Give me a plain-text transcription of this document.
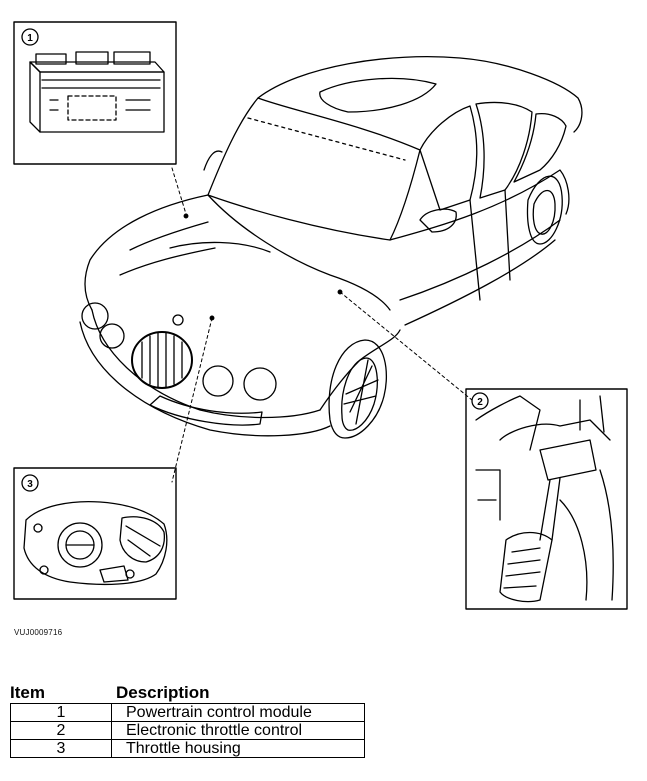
1
2
3
VUJ0009716
Item	Description
1	Powertrain control module
2	Electronic throttle control
3	Throttle housing
